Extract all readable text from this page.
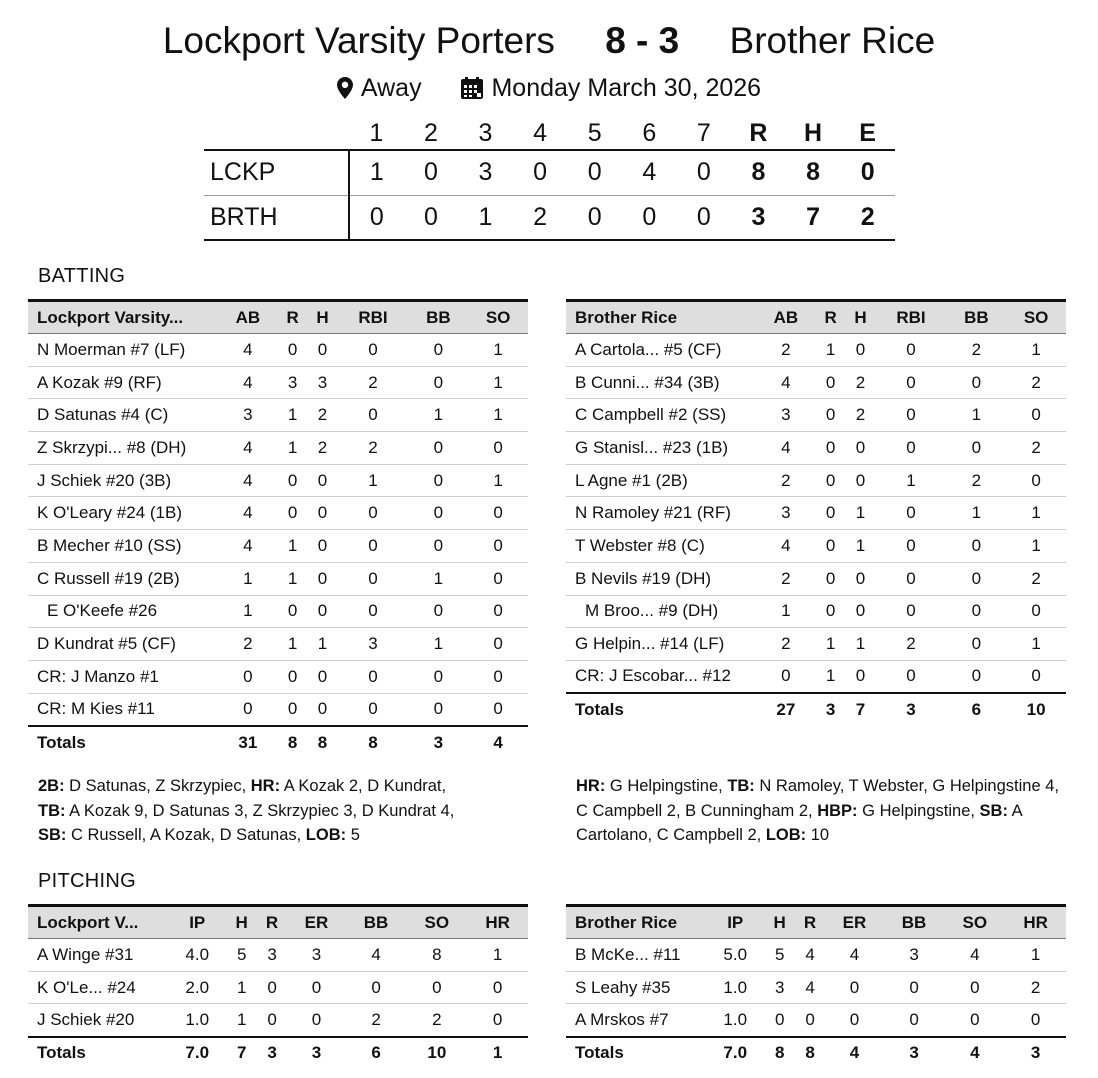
Lockport Varsity Porters 8 - 3 Brother Rice
Away	Monday March 30, 2026
	1	2	3	4	5	6	7	R	H	E
LCKP	1	0	3	0	0	4	0	8	8	0
BRTH	0	0	1	2	0	0	0	3	7	2
BATTING
Lockport Varsity...	AB	R	H	RBI	BB	SO
N Moerman #7 (LF)	4	0	0	0	0	1
A Kozak #9 (RF)	4	3	3	2	0	1
D Satunas #4 (C)	3	1	2	0	1	1
Z Skrzypi... #8 (DH)	4	1	2	2	0	0
J Schiek #20 (3B)	4	0	0	1	0	1
K O'Leary #24 (1B)	4	0	0	0	0	0
B Mecher #10 (SS)	4	1	0	0	0	0
C Russell #19 (2B)	1	1	0	0	1	0
E O'Keefe #26	1	0	0	0	0	0
D Kundrat #5 (CF)	2	1	1	3	1	0
CR: J Manzo #1	0	0	0	0	0	0
CR: M Kies #11	0	0	0	0	0	0
Totals	31	8	8	8	3	4
Brother Rice	AB	R	H	RBI	BB	SO
A Cartola... #5 (CF)	2	1	0	0	2	1
B Cunni... #34 (3B)	4	0	2	0	0	2
C Campbell #2 (SS)	3	0	2	0	1	0
G Stanisl... #23 (1B)	4	0	0	0	0	2
L Agne #1 (2B)	2	0	0	1	2	0
N Ramoley #21 (RF)	3	0	1	0	1	1
T Webster #8 (C)	4	0	1	0	0	1
B Nevils #19 (DH)	2	0	0	0	0	2
M Broo... #9 (DH)	1	0	0	0	0	0
G Helpin... #14 (LF)	2	1	1	2	0	1
CR: J Escobar... #12	0	1	0	0	0	0
Totals	27	3	7	3	6	10
2B: D Satunas, Z Skrzypiec, HR: A Kozak 2, D Kundrat,
TB: A Kozak 9, D Satunas 3, Z Skrzypiec 3, D Kundrat 4,
SB: C Russell, A Kozak, D Satunas, LOB: 5
HR: G Helpingstine, TB: N Ramoley, T Webster, G Helpingstine 4, C Campbell 2, B Cunningham 2, HBP: G Helpingstine, SB: A Cartolano, C Campbell 2, LOB: 10
PITCHING
Lockport V...	IP	H	R	ER	BB	SO	HR
A Winge #31	4.0	5	3	3	4	8	1
K O'Le... #24	2.0	1	0	0	0	0	0
J Schiek #20	1.0	1	0	0	2	2	0
Totals	7.0	7	3	3	6	10	1
Brother Rice	IP	H	R	ER	BB	SO	HR
B McKe... #11	5.0	5	4	4	3	4	1
S Leahy #35	1.0	3	4	0	0	0	2
A Mrskos #7	1.0	0	0	0	0	0	0
Totals	7.0	8	8	4	3	4	3
